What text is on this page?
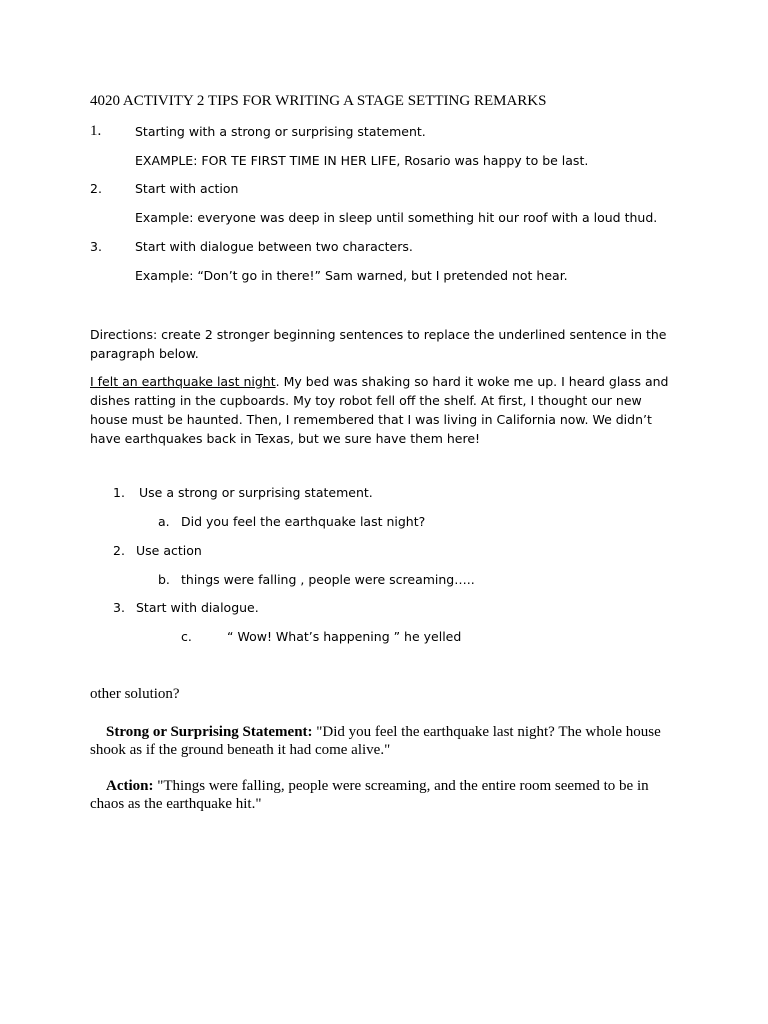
4020 ACTIVITY 2 TIPS FOR WRITING A STAGE SETTING REMARKS
1.	Starting with a strong or surprising statement.
EXAMPLE: FOR TE FIRST TIME IN HER LIFE, Rosario was happy to be last.
2.	Start with action
Example: everyone was deep in sleep until something hit our roof with a loud thud.
3.	Start with dialogue between two characters.
Example: “Don’t go in there!” Sam warned, but I pretended not hear.
Directions: create 2 stronger beginning sentences to replace the underlined sentence in the paragraph below.
I felt an earthquake last night. My bed was shaking so hard it woke me up. I heard glass and dishes ratting in the cupboards. My toy robot fell off the shelf. At first, I thought our new house must be haunted. Then, I remembered that I was living in California now. We didn’t have earthquakes back in Texas, but we sure have them here!
1. Use a strong or surprising statement.
a. Did you feel the earthquake last night?
2. Use action
b. things were falling , people were screaming…..
3. Start with dialogue.
c.	“ Wow! What’s happening ” he yelled
other solution?
Strong or Surprising Statement: "Did you feel the earthquake last night? The whole house shook as if the ground beneath it had come alive."
Action: "Things were falling, people were screaming, and the entire room seemed to be in chaos as the earthquake hit."
